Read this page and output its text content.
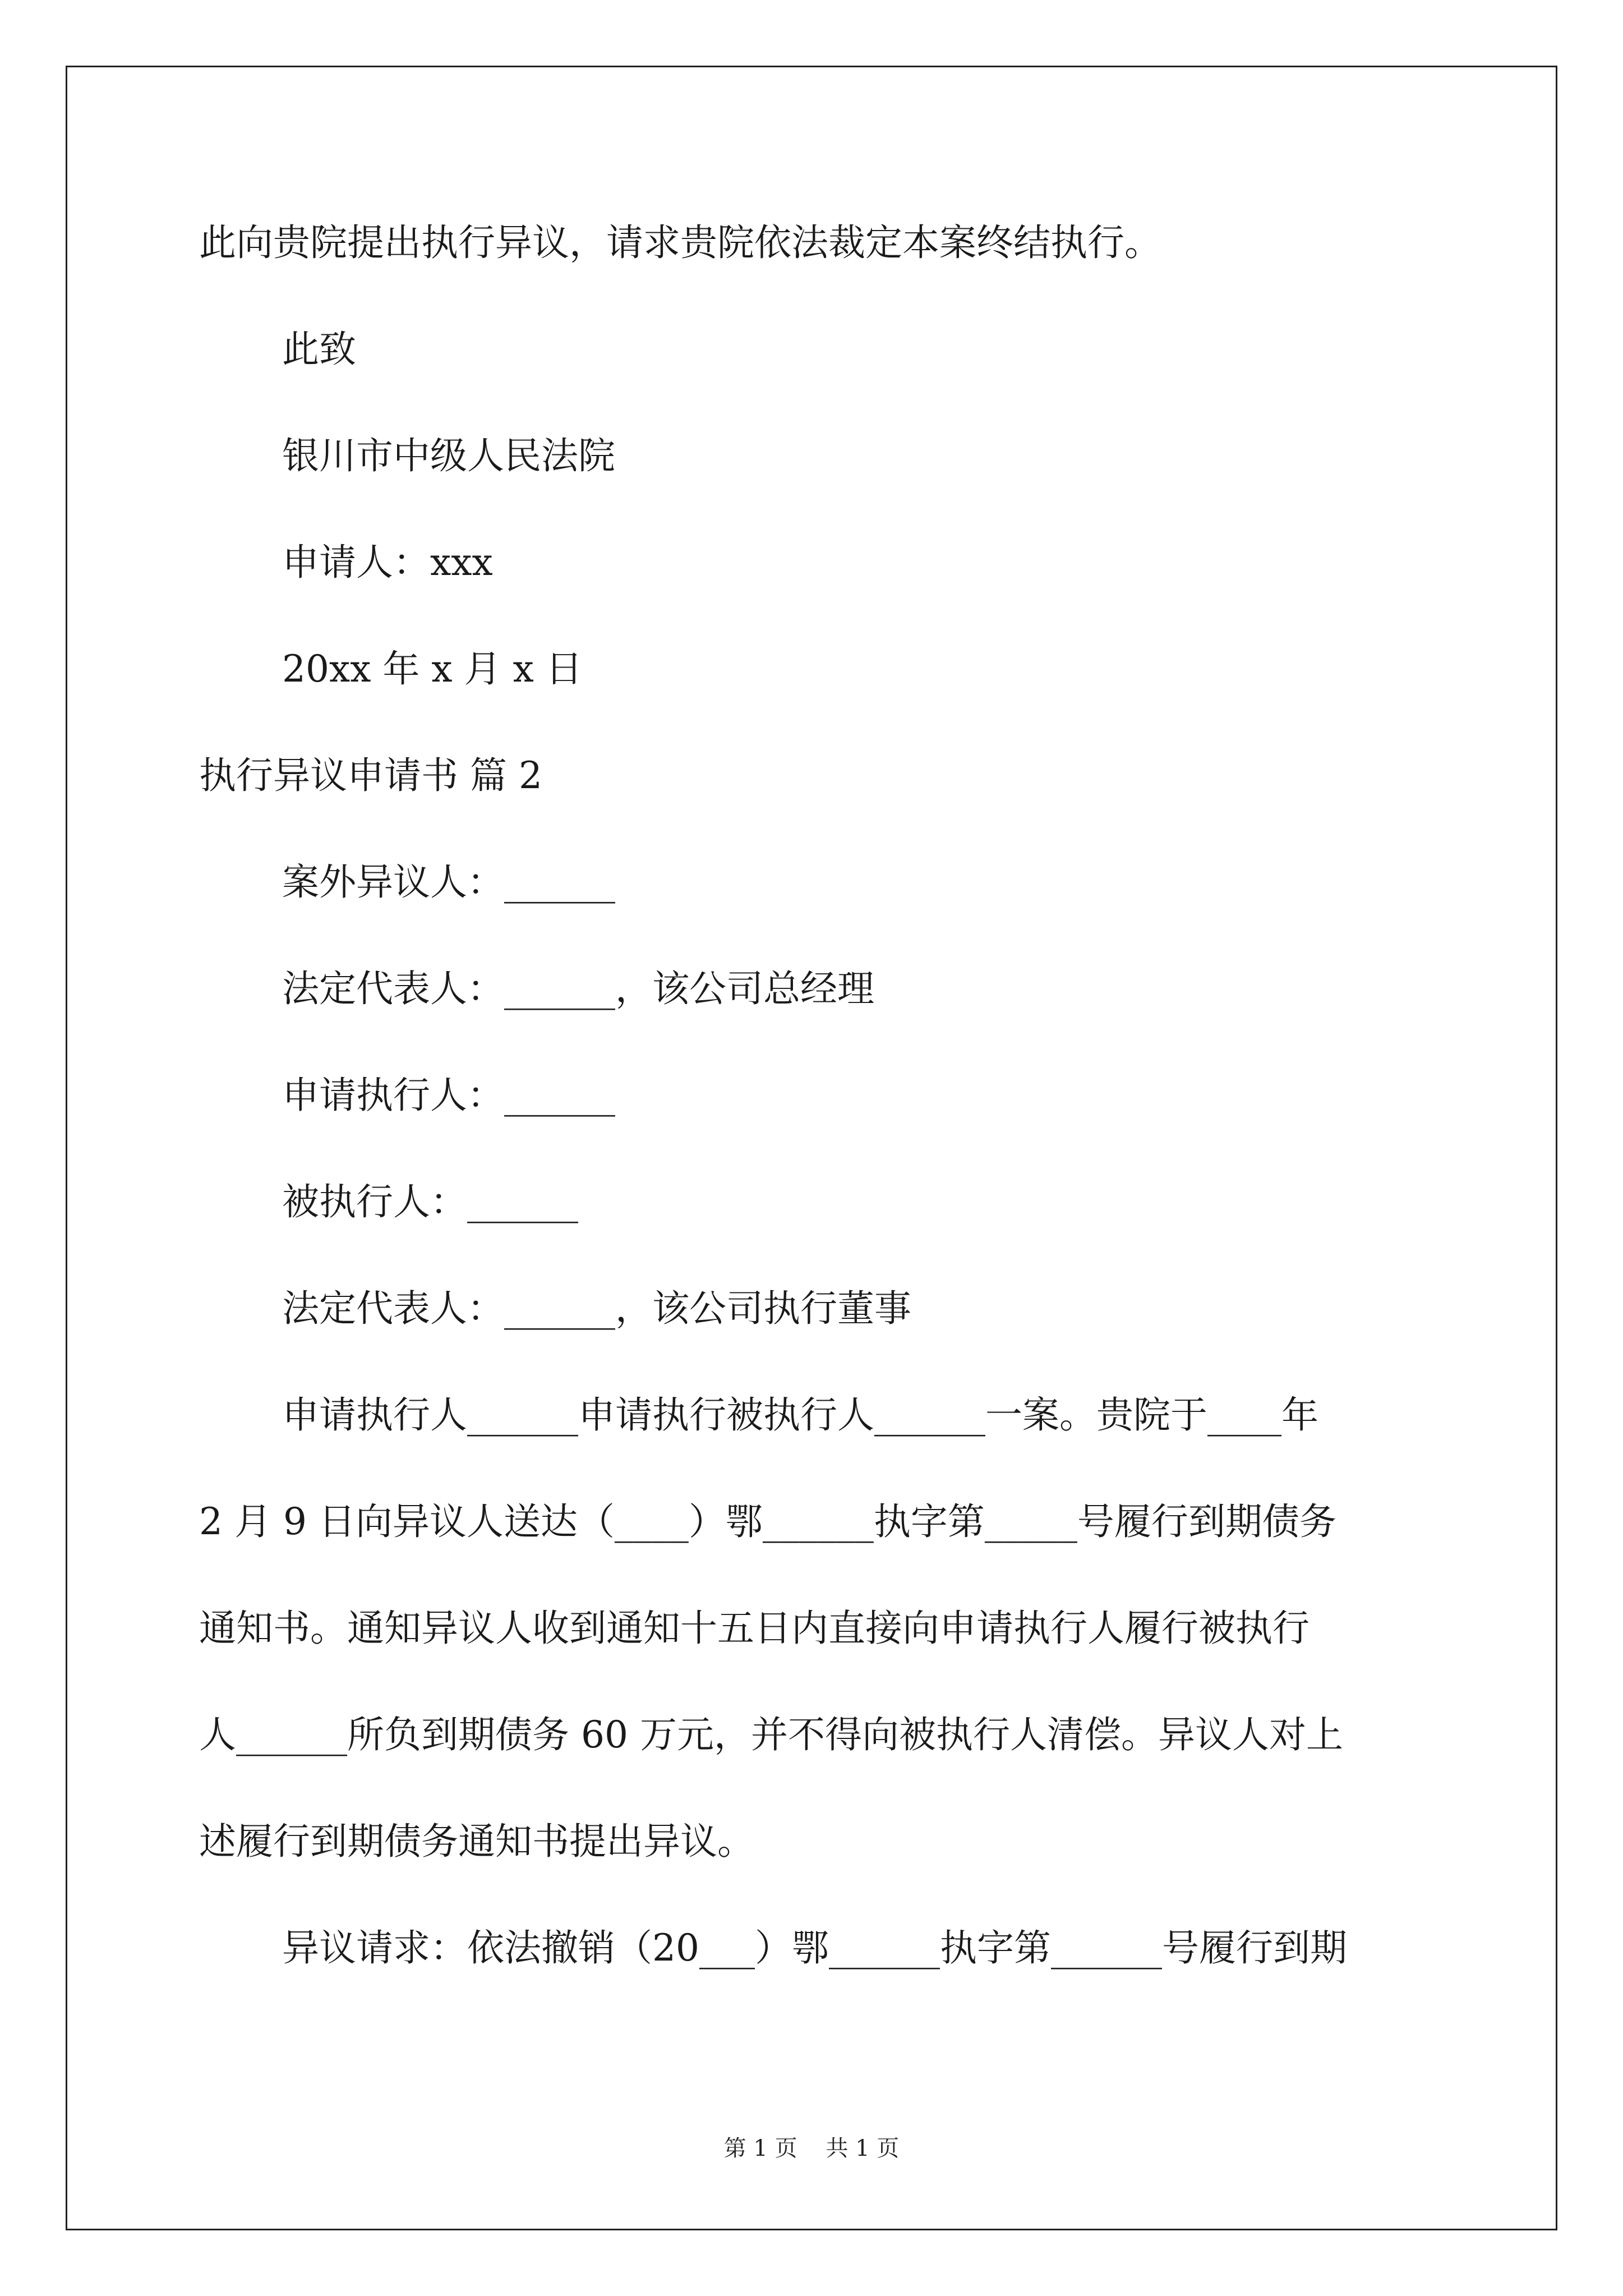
此向贵院提出执行异议，请求贵院依法裁定本案终结执行。
此致
银川市中级人民法院
申请人：xxx
20xx 年 x 月 x 日
执行异议申请书 篇 2
案外异议人：______
法定代表人：______，该公司总经理
申请执行人：______
被执行人：______
法定代表人：______，该公司执行董事
申请执行人______申请执行被执行人______一案。贵院于____年
2 月 9 日向异议人送达（____）鄂______执字第_____号履行到期债务
通知书。通知异议人收到通知十五日内直接向申请执行人履行被执行
人______所负到期债务 60 万元，并不得向被执行人清偿。异议人对上
述履行到期债务通知书提出异议。
异议请求：依法撤销（20___）鄂______执字第______号履行到期
第 1 页    共 1 页
